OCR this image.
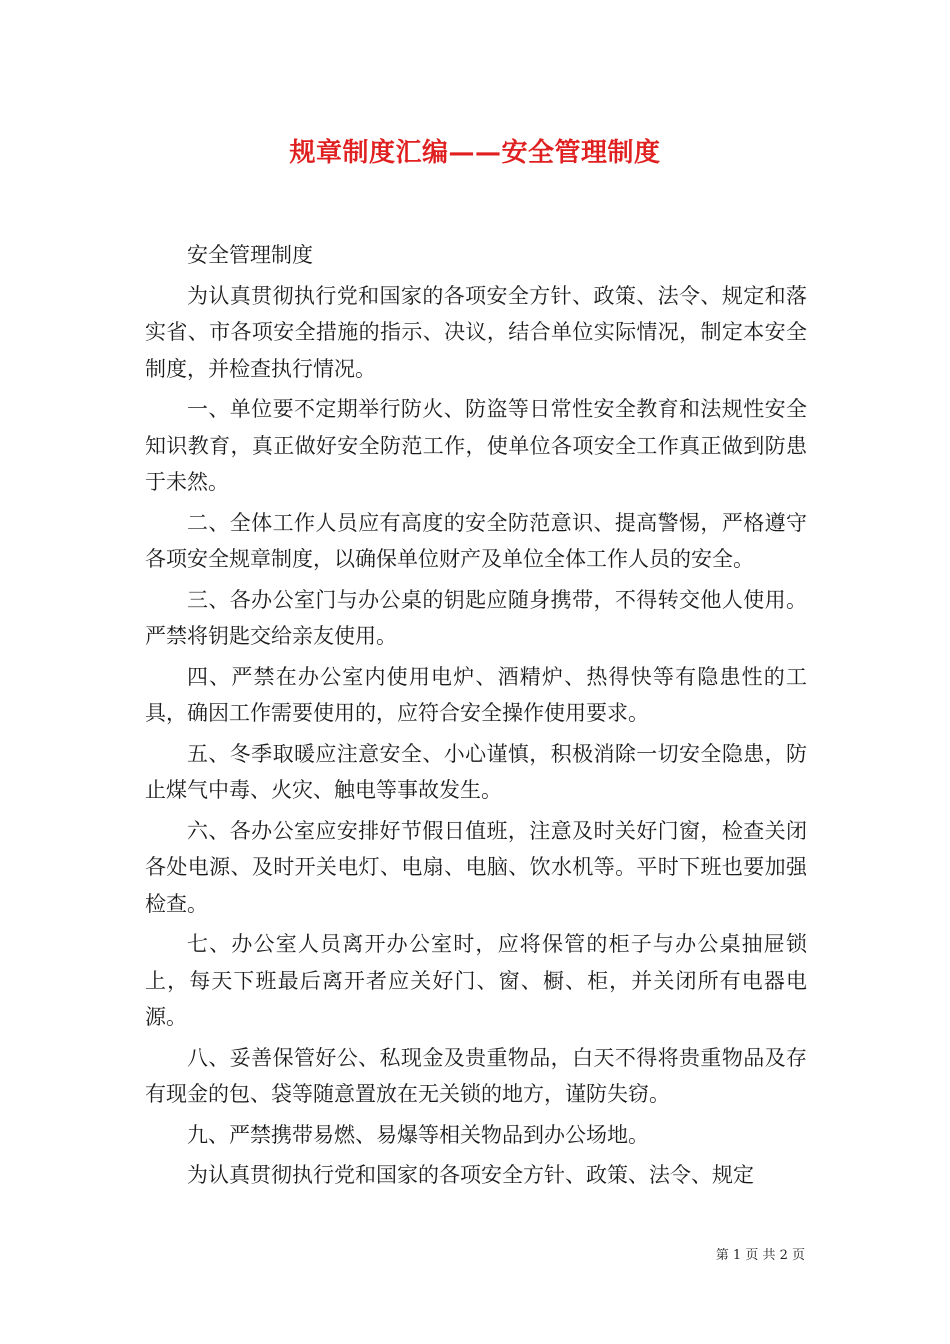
规章制度汇编——安全管理制度

安全管理制度

为认真贯彻执行党和国家的各项安全方针、政策、法令、规定和落实省、市各项安全措施的指示、决议，结合单位实际情况，制定本安全制度，并检查执行情况。

一、单位要不定期举行防火、防盗等日常性安全教育和法规性安全知识教育，真正做好安全防范工作，使单位各项安全工作真正做到防患于未然。

二、全体工作人员应有高度的安全防范意识、提高警惕，严格遵守各项安全规章制度，以确保单位财产及单位全体工作人员的安全。

三、各办公室门与办公桌的钥匙应随身携带，不得转交他人使用。严禁将钥匙交给亲友使用。

四、严禁在办公室内使用电炉、酒精炉、热得快等有隐患性的工具，确因工作需要使用的，应符合安全操作使用要求。

五、冬季取暖应注意安全、小心谨慎，积极消除一切安全隐患，防止煤气中毒、火灾、触电等事故发生。

六、各办公室应安排好节假日值班，注意及时关好门窗，检查关闭各处电源、及时开关电灯、电扇、电脑、饮水机等。平时下班也要加强检查。

七、办公室人员离开办公室时，应将保管的柜子与办公桌抽屉锁上，每天下班最后离开者应关好门、窗、橱、柜，并关闭所有电器电源。

八、妥善保管好公、私现金及贵重物品，白天不得将贵重物品及存有现金的包、袋等随意置放在无关锁的地方，谨防失窃。

九、严禁携带易燃、易爆等相关物品到办公场地。

为认真贯彻执行党和国家的各项安全方针、政策、法令、规定

第 1 页 共 2 页
